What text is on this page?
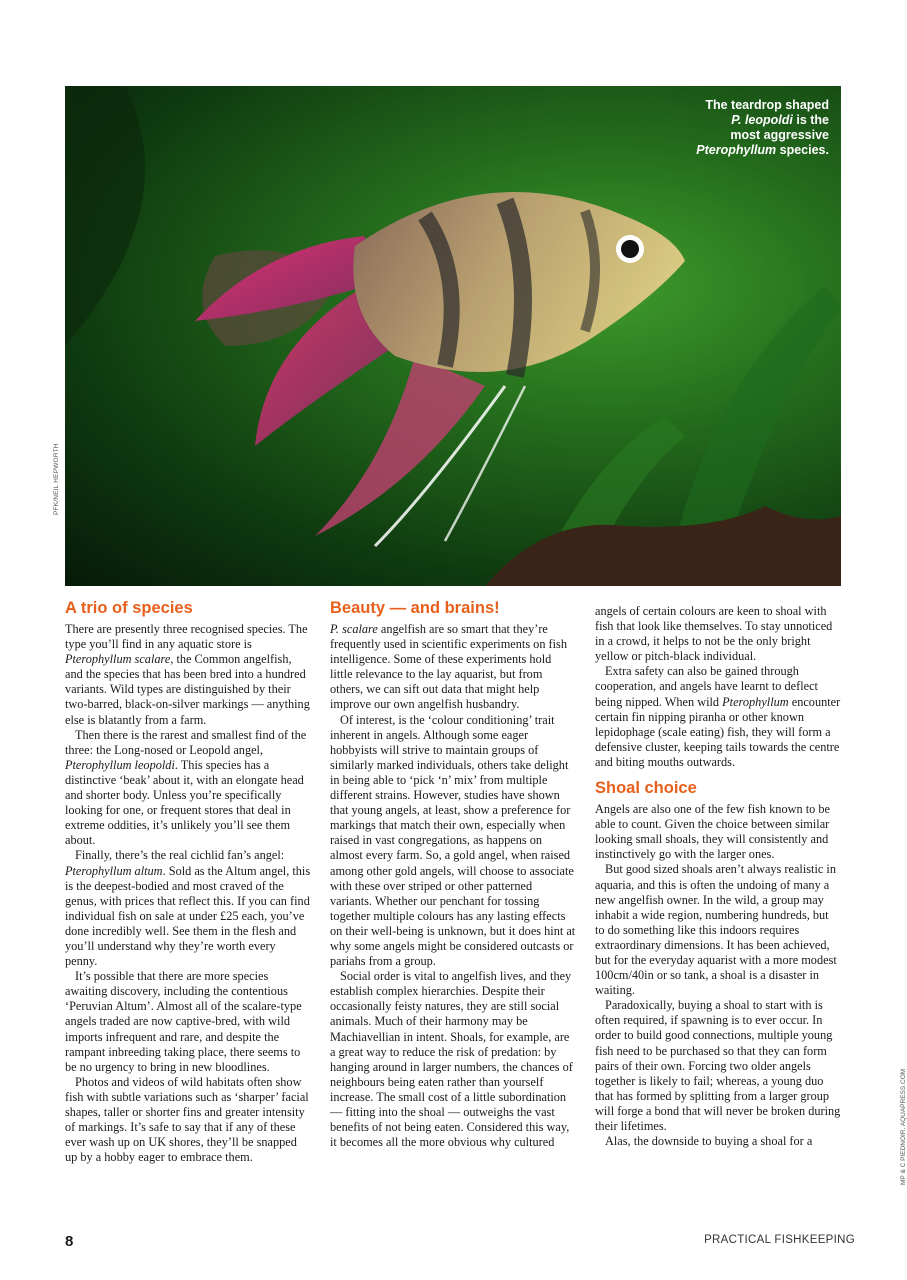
The teardrop shaped
P. leopoldi is the
most aggressive
Pterophyllum species.
PFK/NEIL HEPWORTH
MP & C PIEDNOIR, AQUAPRESS.COM
A trio of species

There are presently three recognised species. The type you’ll find in any aquatic store is Pterophyllum scalare, the Common angelfish, and the species that has been bred into a hundred variants. Wild types are distinguished by their two-barred, black-on-silver markings — anything else is blatantly from a farm.

Then there is the rarest and smallest find of the three: the Long-nosed or Leopold angel, Pterophyllum leopoldi. This species has a distinctive ‘beak’ about it, with an elongate head and shorter body. Unless you’re specifically looking for one, or frequent stores that deal in extreme oddities, it’s unlikely you’ll see them about.

Finally, there’s the real cichlid fan’s angel: Pterophyllum altum. Sold as the Altum angel, this is the deepest-bodied and most craved of the genus, with prices that reflect this. If you can find individual fish on sale at under £25 each, you’ve done incredibly well. See them in the flesh and you’ll understand why they’re worth every penny.

It’s possible that there are more species awaiting discovery, including the contentious ‘Peruvian Altum’. Almost all of the scalare-type angels traded are now captive-bred, with wild imports infrequent and rare, and despite the rampant inbreeding taking place, there seems to be no urgency to bring in new bloodlines.

Photos and videos of wild habitats often show fish with subtle variations such as ‘sharper’ facial shapes, taller or shorter fins and greater intensity of markings. It’s safe to say that if any of these ever wash up on UK shores, they’ll be snapped up by a hobby eager to embrace them.

Beauty — and brains!

P. scalare angelfish are so smart that they’re frequently used in scientific experiments on fish intelligence. Some of these experiments hold little relevance to the lay aquarist, but from others, we can sift out data that might help improve our own angelfish husbandry.

Of interest, is the ‘colour conditioning’ trait inherent in angels. Although some eager hobbyists will strive to maintain groups of similarly marked individuals, others take delight in being able to ‘pick ‘n’ mix’ from multiple different strains. However, studies have shown that young angels, at least, show a preference for markings that match their own, especially when raised in vast congregations, as happens on almost every farm. So, a gold angel, when raised among other gold angels, will choose to associate with these over striped or other patterned variants. Whether our penchant for tossing together multiple colours has any lasting effects on their well-being is unknown, but it does hint at why some angels might be considered outcasts or pariahs from a group.

Social order is vital to angelfish lives, and they establish complex hierarchies. Despite their occasionally feisty natures, they are still social animals. Much of their harmony may be Machiavellian in intent. Shoals, for example, are a great way to reduce the risk of predation: by hanging around in larger numbers, the chances of neighbours being eaten rather than yourself increase. The small cost of a little subordination — fitting into the shoal — outweighs the vast benefits of not being eaten. Considered this way, it becomes all the more obvious why cultured

angels of certain colours are keen to shoal with fish that look like themselves. To stay unnoticed in a crowd, it helps to not be the only bright yellow or pitch-black individual.

Extra safety can also be gained through cooperation, and angels have learnt to deflect being nipped. When wild Pterophyllum encounter certain fin nipping piranha or other known lepidophage (scale eating) fish, they will form a defensive cluster, keeping tails towards the centre and biting mouths outwards.

Shoal choice

Angels are also one of the few fish known to be able to count. Given the choice between similar looking small shoals, they will consistently and instinctively go with the larger ones.

But good sized shoals aren’t always realistic in aquaria, and this is often the undoing of many a new angelfish owner. In the wild, a group may inhabit a wide region, numbering hundreds, but to do something like this indoors requires extraordinary dimensions. It has been achieved, but for the everyday aquarist with a more modest 100cm/40in or so tank, a shoal is a disaster in waiting.

Paradoxically, buying a shoal to start with is often required, if spawning is to ever occur. In order to build good connections, multiple young fish need to be purchased so that they can form pairs of their own. Forcing two older angels together is likely to fail; whereas, a young duo that has formed by splitting from a larger group will forge a bond that will never be broken during their lifetimes.

Alas, the downside to buying a shoal for a

8	PRACTICAL FISHKEEPING
